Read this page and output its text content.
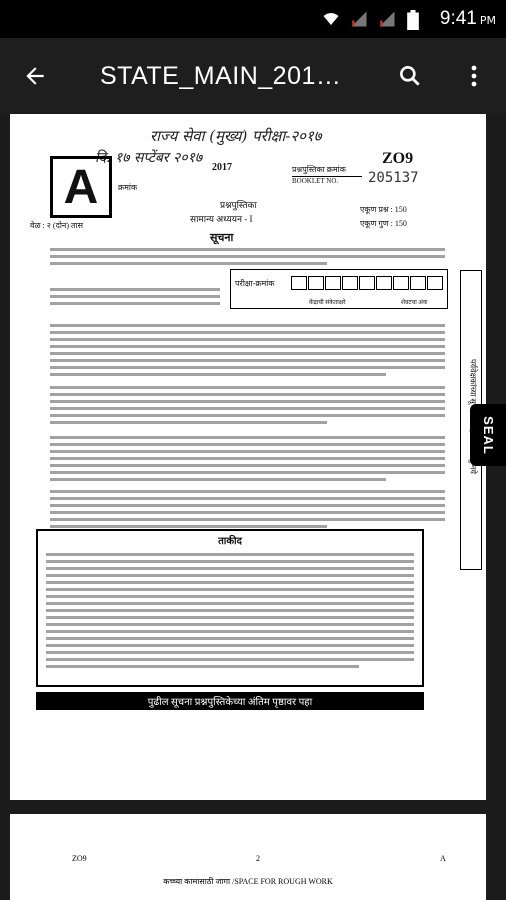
9:41 PM
STATE_MAIN_201…
राज्य सेवा (मुख्य) परीक्षा-२०१७
दि. १७ सप्टेंबर २०१७
2017
A	क्रमांक
प्रश्नपुस्तिका क्रमांक
BOOKLET NO.
ZO9
205137
प्रश्नपुस्तिका
सामान्य अध्ययन - I
वेळ : २ (दोन) तास
एकूण प्रश्न : 150
एकूण गुण : 150
सूचना
परीक्षा-क्रमांक
केंद्राची संकेताक्षरे	शेवटचा अंक
ताकीद
पुढील सूचना प्रश्नपुस्तिकेच्या अंतिम पृष्ठावर पहा
ZO9	2	A
कच्च्या कामासाठी जागा /SPACE FOR ROUGH WORK
SEAL
